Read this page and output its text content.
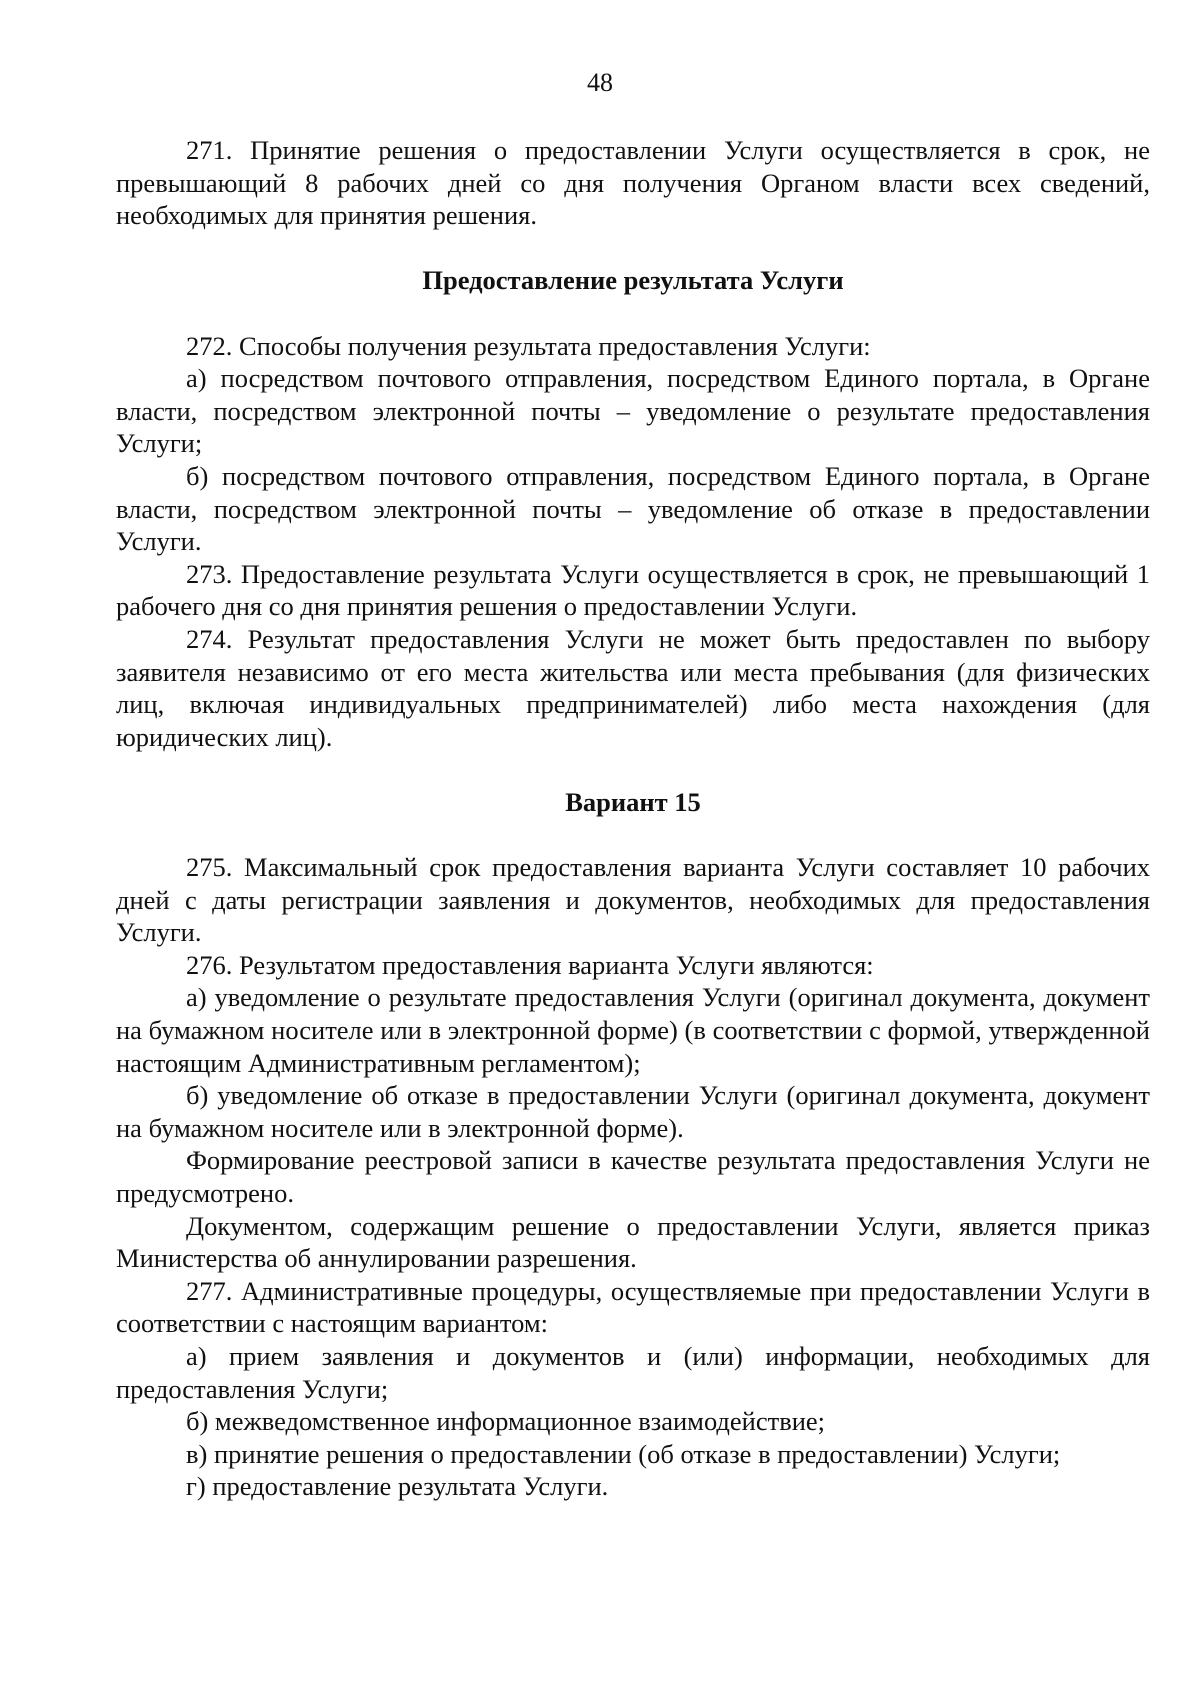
48

271. Принятие решения о предоставлении Услуги осуществляется в срок, не превышающий 8 рабочих дней со дня получения Органом власти всех сведений, необходимых для принятия решения.

Предоставление результата Услуги

272. Способы получения результата предоставления Услуги:

а) посредством почтового отправления, посредством Единого портала, в Органе власти, посредством электронной почты – уведомление о результате предоставления Услуги;

б) посредством почтового отправления, посредством Единого портала, в Органе власти, посредством электронной почты – уведомление об отказе в предоставлении Услуги.

273. Предоставление результата Услуги осуществляется в срок, не превышающий 1 рабочего дня со дня принятия решения о предоставлении Услуги.

274. Результат предоставления Услуги не может быть предоставлен по выбору заявителя независимо от его места жительства или места пребывания (для физических лиц, включая индивидуальных предпринимателей) либо места нахождения (для юридических лиц).

Вариант 15

275. Максимальный срок предоставления варианта Услуги составляет 10 рабочих дней с даты регистрации заявления и документов, необходимых для предоставления Услуги.

276. Результатом предоставления варианта Услуги являются:

а) уведомление о результате предоставления Услуги (оригинал документа, документ на бумажном носителе или в электронной форме) (в соответствии с формой, утвержденной настоящим Административным регламентом);

б) уведомление об отказе в предоставлении Услуги (оригинал документа, документ на бумажном носителе или в электронной форме).

Формирование реестровой записи в качестве результата предоставления Услуги не предусмотрено.

Документом, содержащим решение о предоставлении Услуги, является приказ Министерства об аннулировании разрешения.

277. Административные процедуры, осуществляемые при предоставлении Услуги в соответствии с настоящим вариантом:

а) прием заявления и документов и (или) информации, необходимых для предоставления Услуги;

б) межведомственное информационное взаимодействие;

в) принятие решения о предоставлении (об отказе в предоставлении) Услуги;

г) предоставление результата Услуги.
